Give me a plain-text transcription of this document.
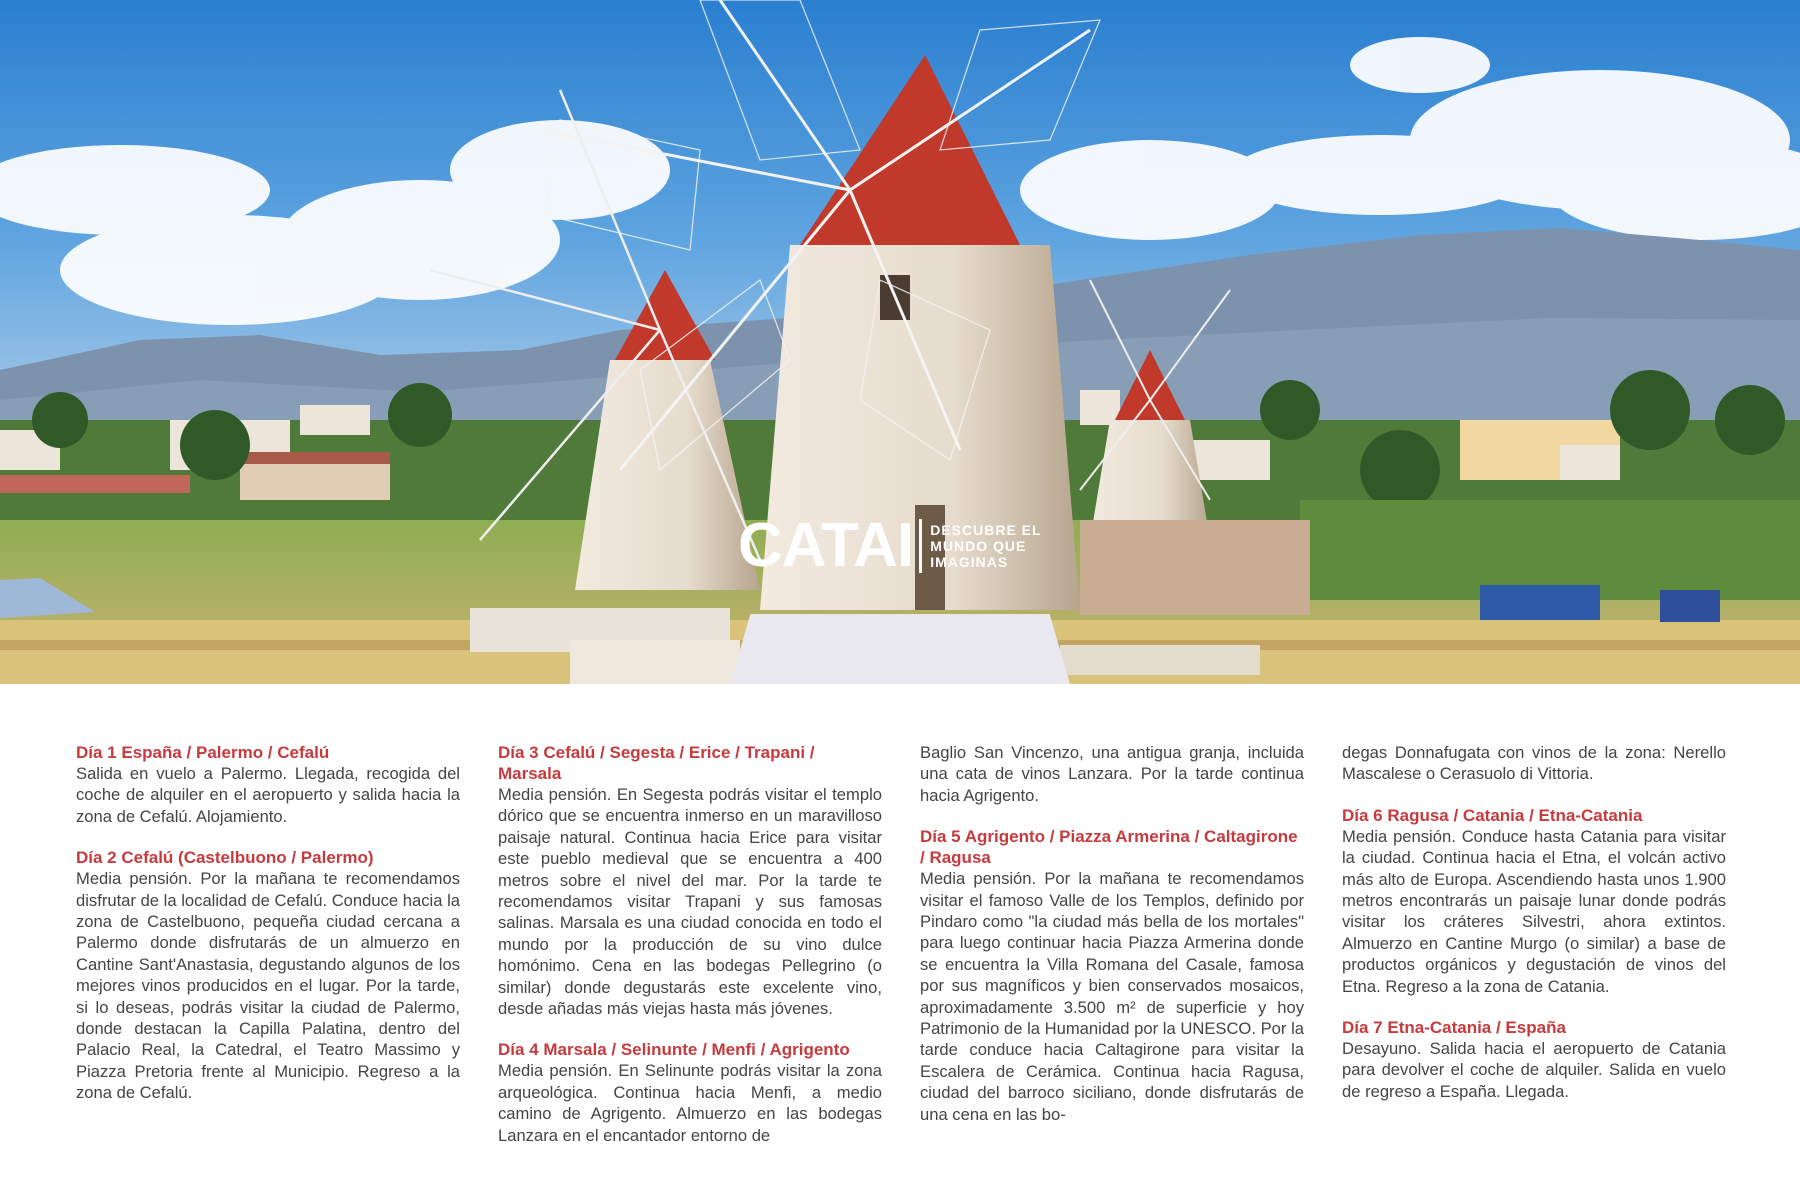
CATAI DESCUBRE EL MUNDO QUE IMAGINAS

Día 1 España / Palermo / Cefalú

Salida en vuelo a Palermo. Llegada, recogida del coche de alquiler en el aeropuerto y salida hacia la zona de Cefalú. Alojamiento.

Día 2 Cefalú (Castelbuono / Palermo)

Media pensión. Por la mañana te recomendamos disfrutar de la localidad de Cefalú. Conduce hacia la zona de Castelbuono, pequeña ciudad cercana a Palermo donde disfrutarás de un almuerzo en Cantine Sant'Anastasia, degustando algunos de los mejores vinos producidos en el lugar. Por la tarde, si lo deseas, podrás visitar la ciudad de Palermo, donde destacan la Capilla Palatina, dentro del Palacio Real, la Catedral, el Teatro Massimo y Piazza Pretoria frente al Municipio. Regreso a la zona de Cefalú.

Día 3 Cefalú / Segesta / Erice / Trapani / Marsala

Media pensión. En Segesta podrás visitar el templo dórico que se encuentra inmerso en un maravilloso paisaje natural. Continua hacia Erice para visitar este pueblo medieval que se encuentra a 400 metros sobre el nivel del mar. Por la tarde te recomendamos visitar Trapani y sus famosas salinas. Marsala es una ciudad conocida en todo el mundo por la producción de su vino dulce homónimo. Cena en las bodegas Pellegrino (o similar) donde degustarás este excelente vino, desde añadas más viejas hasta más jóvenes.

Día 4 Marsala / Selinunte / Menfi / Agrigento

Media pensión. En Selinunte podrás visitar la zona arqueológica. Continua hacia Menfi, a medio camino de Agrigento. Almuerzo en las bodegas Lanzara en el encantador entorno de

Baglio San Vincenzo, una antigua granja, incluida una cata de vinos Lanzara. Por la tarde continua hacia Agrigento.

Día 5 Agrigento / Piazza Armerina / Caltagirone / Ragusa

Media pensión. Por la mañana te recomendamos visitar el famoso Valle de los Templos, definido por Pindaro como "la ciudad más bella de los mortales" para luego continuar hacia Piazza Armerina donde se encuentra la Villa Romana del Casale, famosa por sus magníficos y bien conservados mosaicos, aproximadamente 3.500 m² de superficie y hoy Patrimonio de la Humanidad por la UNESCO. Por la tarde conduce hacia Caltagirone para visitar la Escalera de Cerámica. Continua hacia Ragusa, ciudad del barroco siciliano, donde disfrutarás de una cena en las bo-

degas Donnafugata con vinos de la zona: Nerello Mascalese o Cerasuolo di Vittoria.

Día 6 Ragusa / Catania / Etna-Catania

Media pensión. Conduce hasta Catania para visitar la ciudad. Continua hacia el Etna, el volcán activo más alto de Europa. Ascendiendo hasta unos 1.900 metros encontrarás un paisaje lunar donde podrás visitar los cráteres Silvestri, ahora extintos. Almuerzo en Cantine Murgo (o similar) a base de productos orgánicos y degustación de vinos del Etna. Regreso a la zona de Catania.

Día 7 Etna-Catania / España

Desayuno. Salida hacia el aeropuerto de Catania para devolver el coche de alquiler. Salida en vuelo de regreso a España. Llegada.
